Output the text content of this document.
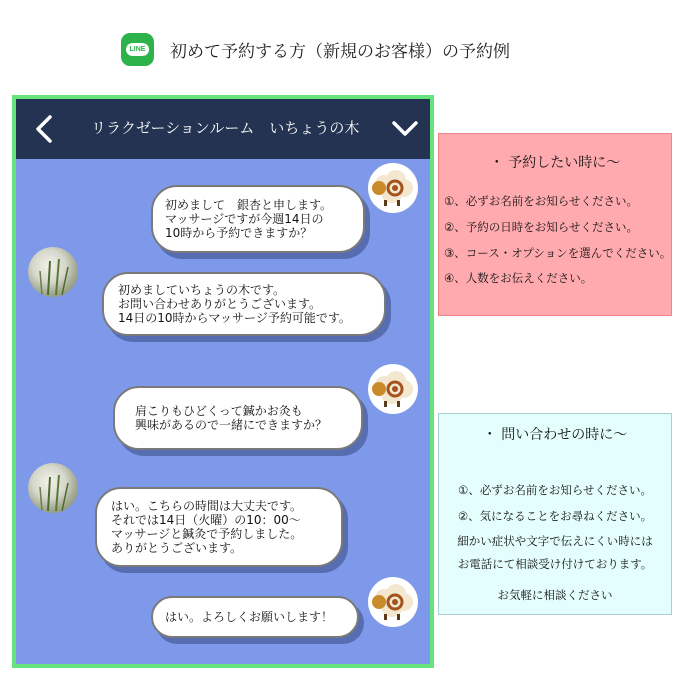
LINE 初めて予約する方（新規のお客様）の予約例
リラクゼーションルーム　いちょうの木
初めまして　銀杏と申します。
マッサージですが今週14日の
10時から予約できますか？
初めましていちょうの木です。
お問い合わせありがとうございます。
14日の10時からマッサージ予約可能です。
肩こりもひどくって鍼かお灸も
興味があるので一緒にできますか？
はい。こちらの時間は大丈夫です。
それでは14日（火曜）の10：00～
マッサージと鍼灸で予約しました。
ありがとうございます。
はい。よろしくお願いします！
・ 予約したい時に～
①、必ずお名前をお知らせください。
②、予約の日時をお知らせください。
③、コース・オプションを選んでください。
④、人数をお伝えください。
・ 問い合わせの時に～
①、必ずお名前をお知らせください。
②、気になることをお尋ねください。
細かい症状や文字で伝えにくい時には
お電話にて相談受け付けております。
お気軽に相談ください
